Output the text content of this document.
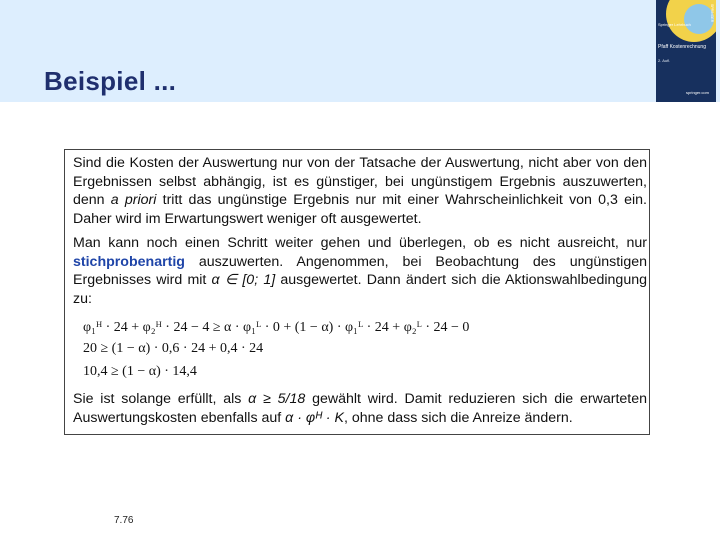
Beispiel ...
SPRINGER
Springer Lehrbuch
Pfaff Kostenrechnung
2. Aufl.
springer.com
Sind die Kosten der Auswertung nur von der Tatsache der Auswertung, nicht aber von den Ergebnissen selbst abhängig, ist es günstiger, bei ungünstigem Ergebnis auszuwerten, denn a priori tritt das ungünstige Ergebnis nur mit einer Wahrscheinlichkeit von 0,3 ein. Daher wird im Erwartungswert weniger oft ausgewertet.
Man kann noch einen Schritt weiter gehen und überlegen, ob es nicht ausreicht, nur stichprobenartig auszuwerten. Angenommen, bei Beobachtung des ungünstigen Ergebnisses wird mit α ∈ [0; 1] ausgewertet. Dann ändert sich die Aktionswahlbedingung zu:
φ₁ᴴ · 24 + φ₂ᴴ · 24 − 4 ≥ α · φ₁ᴸ · 0 + (1 − α) · φ₁ᴸ · 24 + φ₂ᴸ · 24 − 0
20 ≥ (1 − α) · 0,6 · 24 + 0,4 · 24
10,4 ≥ (1 − α) · 14,4
Sie ist solange erfüllt, als α ≥ 5/18 gewählt wird. Damit reduzieren sich die erwarteten Auswertungskosten ebenfalls auf α · φᴴ · K, ohne dass sich die Anreize ändern.
7.76
